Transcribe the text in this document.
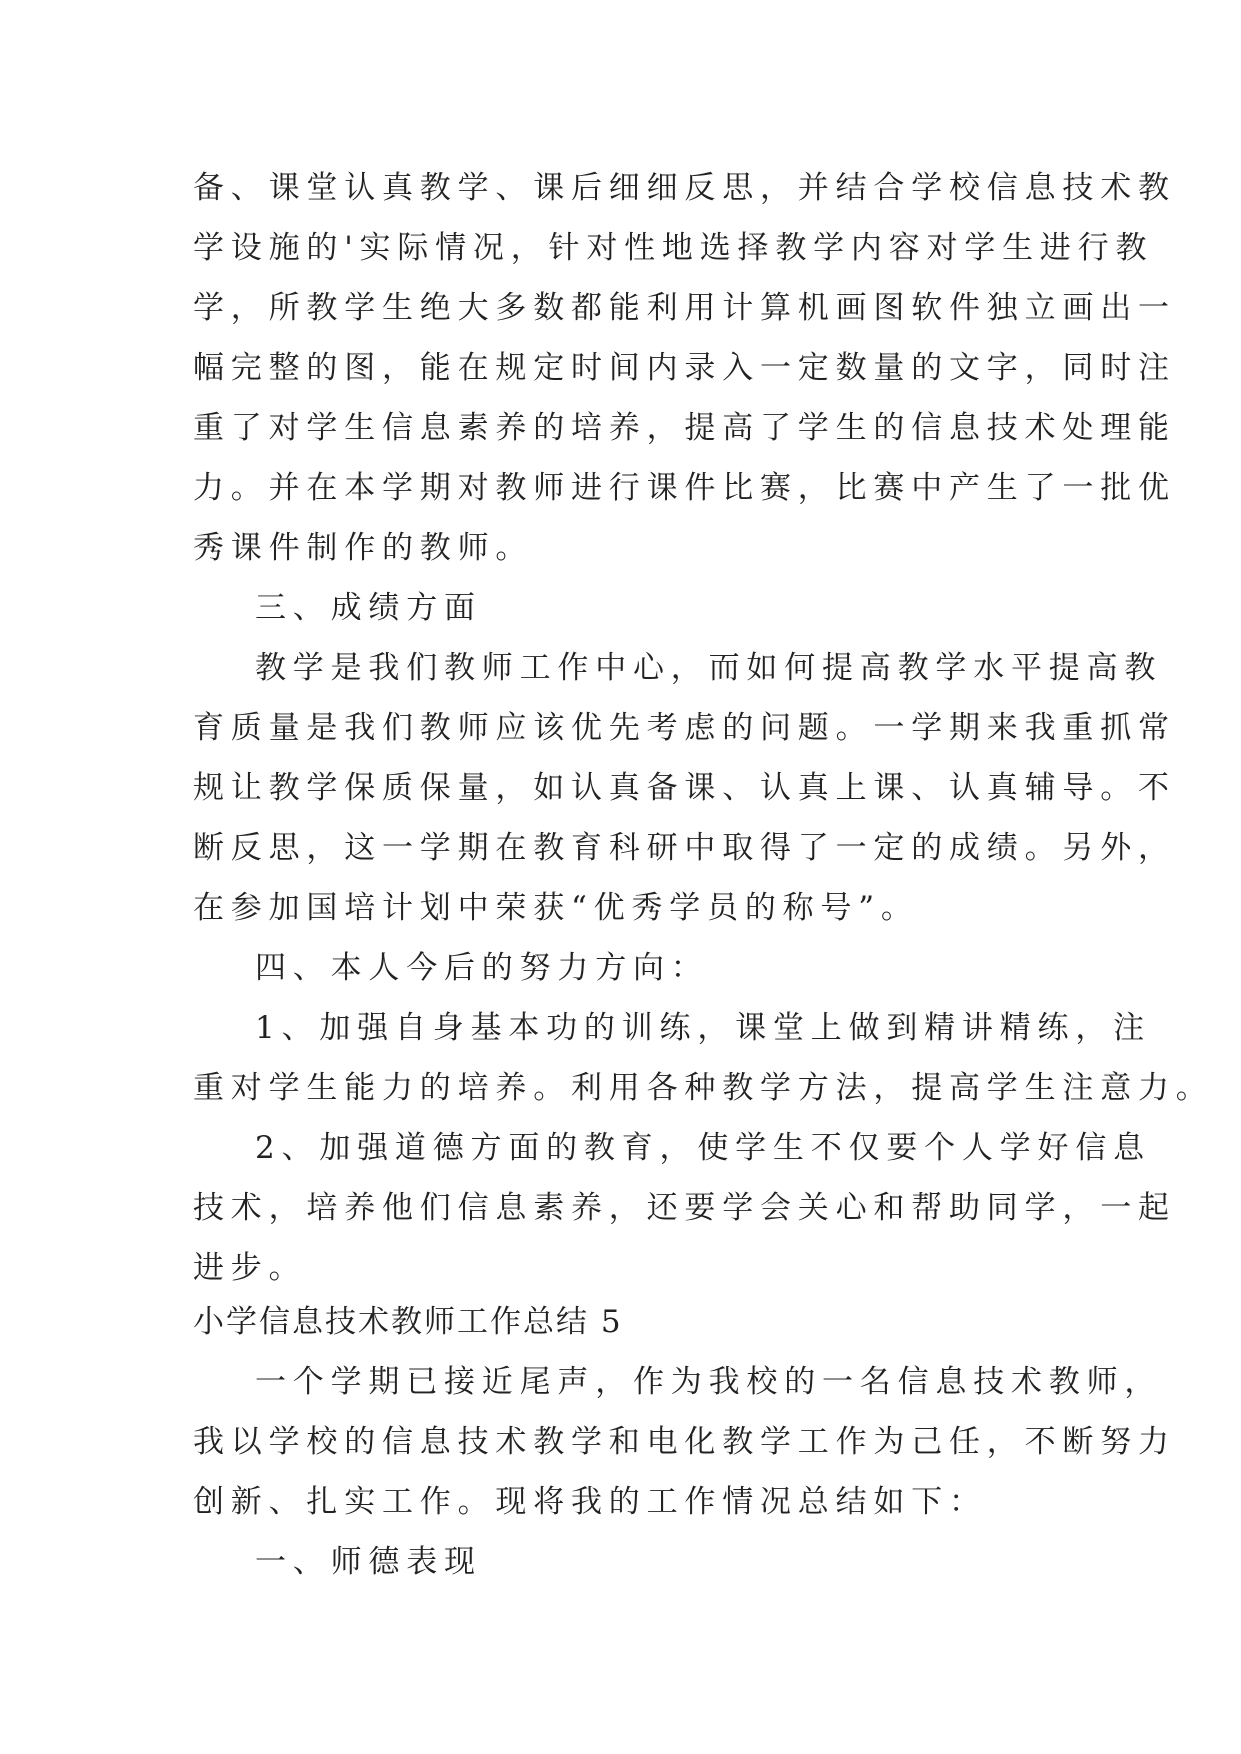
备、课堂认真教学、课后细细反思，并结合学校信息技术教
学设施的'实际情况，针对性地选择教学内容对学生进行教
学，所教学生绝大多数都能利用计算机画图软件独立画出一
幅完整的图，能在规定时间内录入一定数量的文字，同时注
重了对学生信息素养的培养，提高了学生的信息技术处理能
力。并在本学期对教师进行课件比赛，比赛中产生了一批优
秀课件制作的教师。
三、成绩方面
教学是我们教师工作中心，而如何提高教学水平提高教
育质量是我们教师应该优先考虑的问题。一学期来我重抓常
规让教学保质保量，如认真备课、认真上课、认真辅导。不
断反思，这一学期在教育科研中取得了一定的成绩。另外，
在参加国培计划中荣获“优秀学员的称号”。
四、本人今后的努力方向：
1、加强自身基本功的训练，课堂上做到精讲精练，注
重对学生能力的培养。利用各种教学方法，提高学生注意力。
2、加强道德方面的教育，使学生不仅要个人学好信息
技术，培养他们信息素养，还要学会关心和帮助同学，一起
进步。
小学信息技术教师工作总结 5
一个学期已接近尾声，作为我校的一名信息技术教师，
我以学校的信息技术教学和电化教学工作为己任，不断努力
创新、扎实工作。现将我的工作情况总结如下：
一、师德表现
